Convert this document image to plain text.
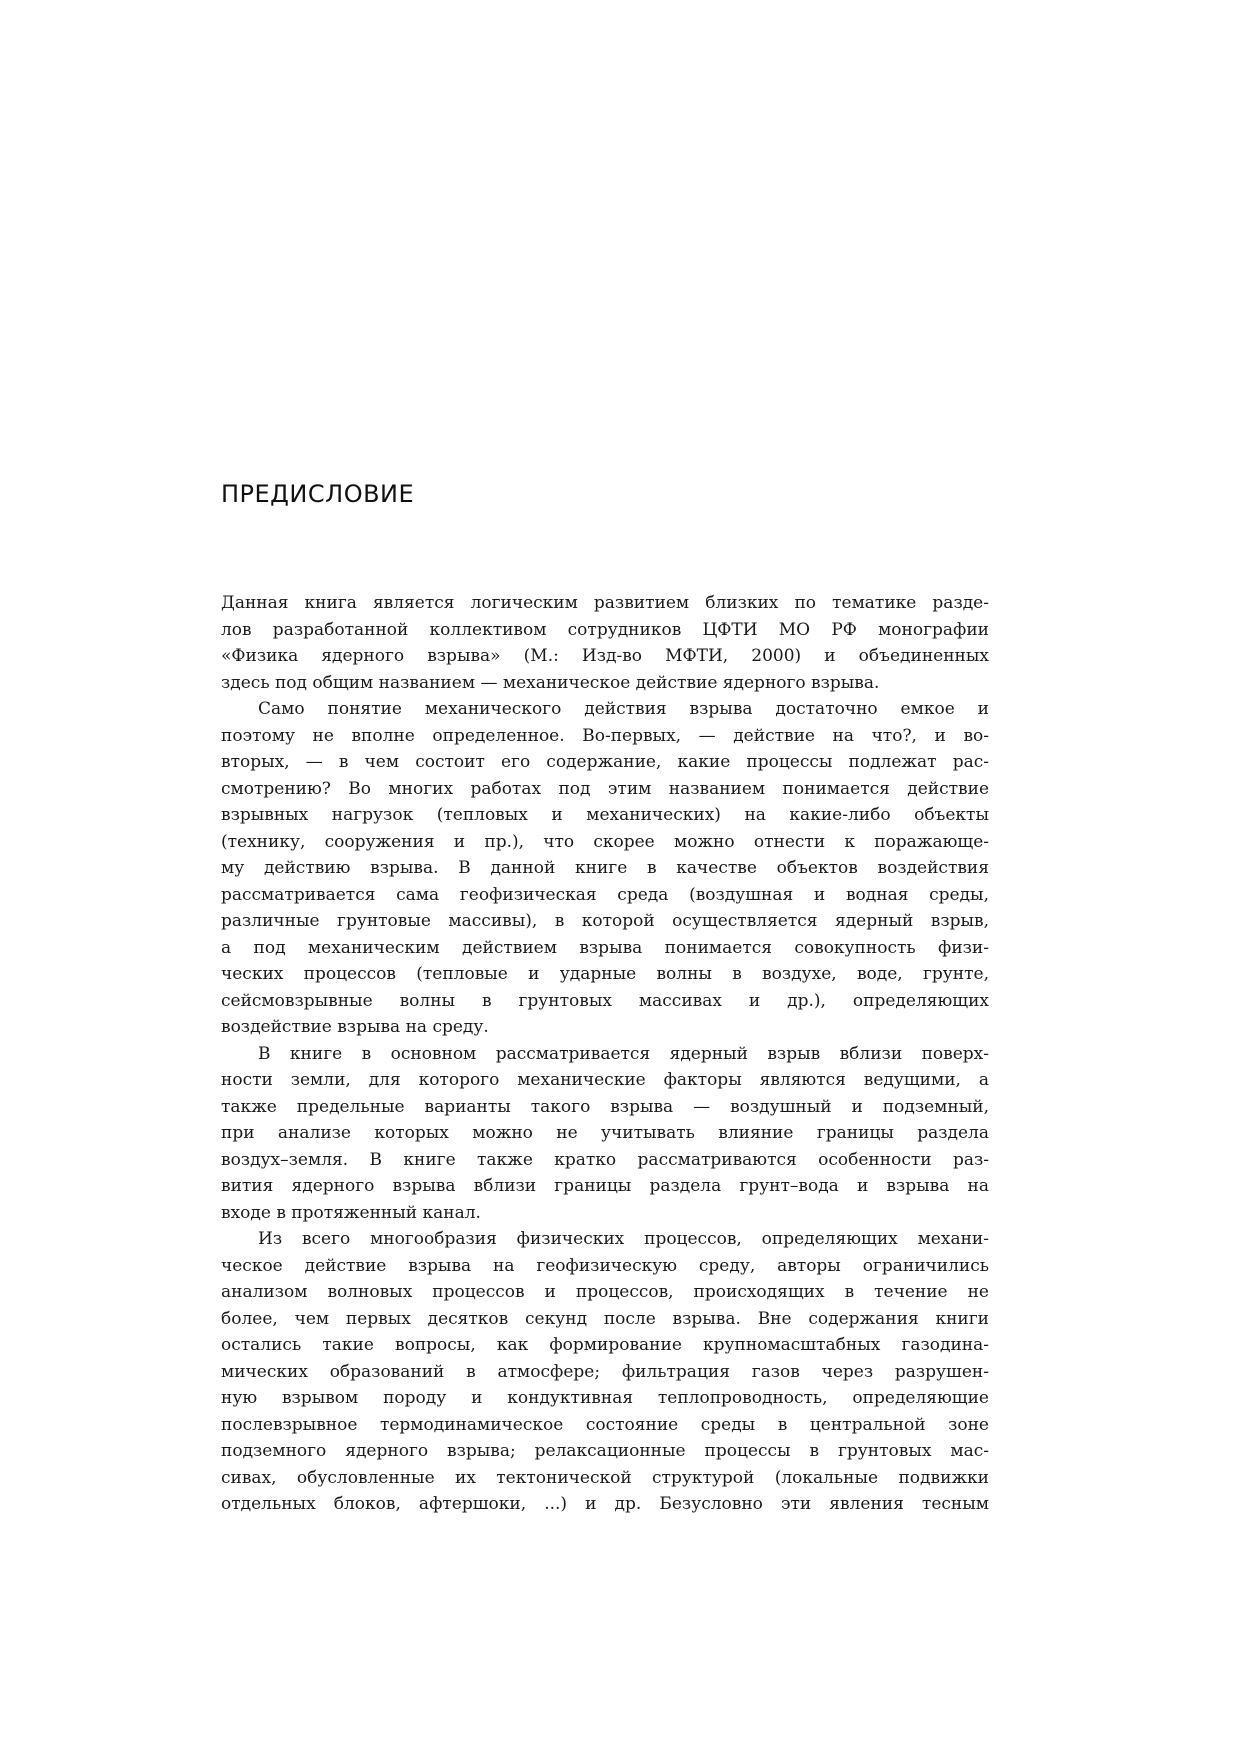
ПРЕДИСЛОВИЕ
Данная книга является логическим развитием близких по тематике разде-
лов разработанной коллективом сотрудников ЦФТИ МО РФ монографии
«Физика ядерного взрыва» (М.: Изд-во МФТИ, 2000) и объединенных
здесь под общим названием — механическое действие ядерного взрыва.
Само понятие механического действия взрыва достаточно емкое и
поэтому не вполне определенное. Во-первых, — действие на что?, и во-
вторых, — в чем состоит его содержание, какие процессы подлежат рас-
смотрению? Во многих работах под этим названием понимается действие
взрывных нагрузок (тепловых и механических) на какие-либо объекты
(технику, сооружения и пр.), что скорее можно отнести к поражающе-
му действию взрыва. В данной книге в качестве объектов воздействия
рассматривается сама геофизическая среда (воздушная и водная среды,
различные грунтовые массивы), в которой осуществляется ядерный взрыв,
а под механическим действием взрыва понимается совокупность физи-
ческих процессов (тепловые и ударные волны в воздухе, воде, грунте,
сейсмовзрывные волны в грунтовых массивах и др.), определяющих
воздействие взрыва на среду.
В книге в основном рассматривается ядерный взрыв вблизи поверх-
ности земли, для которого механические факторы являются ведущими, а
также предельные варианты такого взрыва — воздушный и подземный,
при анализе которых можно не учитывать влияние границы раздела
воздух–земля. В книге также кратко рассматриваются особенности раз-
вития ядерного взрыва вблизи границы раздела грунт–вода и взрыва на
входе в протяженный канал.
Из всего многообразия физических процессов, определяющих механи-
ческое действие взрыва на геофизическую среду, авторы ограничились
анализом волновых процессов и процессов, происходящих в течение не
более, чем первых десятков секунд после взрыва. Вне содержания книги
остались такие вопросы, как формирование крупномасштабных газодина-
мических образований в атмосфере; фильтрация газов через разрушен-
ную взрывом породу и кондуктивная теплопроводность, определяющие
послевзрывное термодинамическое состояние среды в центральной зоне
подземного ядерного взрыва; релаксационные процессы в грунтовых мас-
сивах, обусловленные их тектонической структурой (локальные подвижки
отдельных блоков, афтершоки, ...) и др. Безусловно эти явления тесным
